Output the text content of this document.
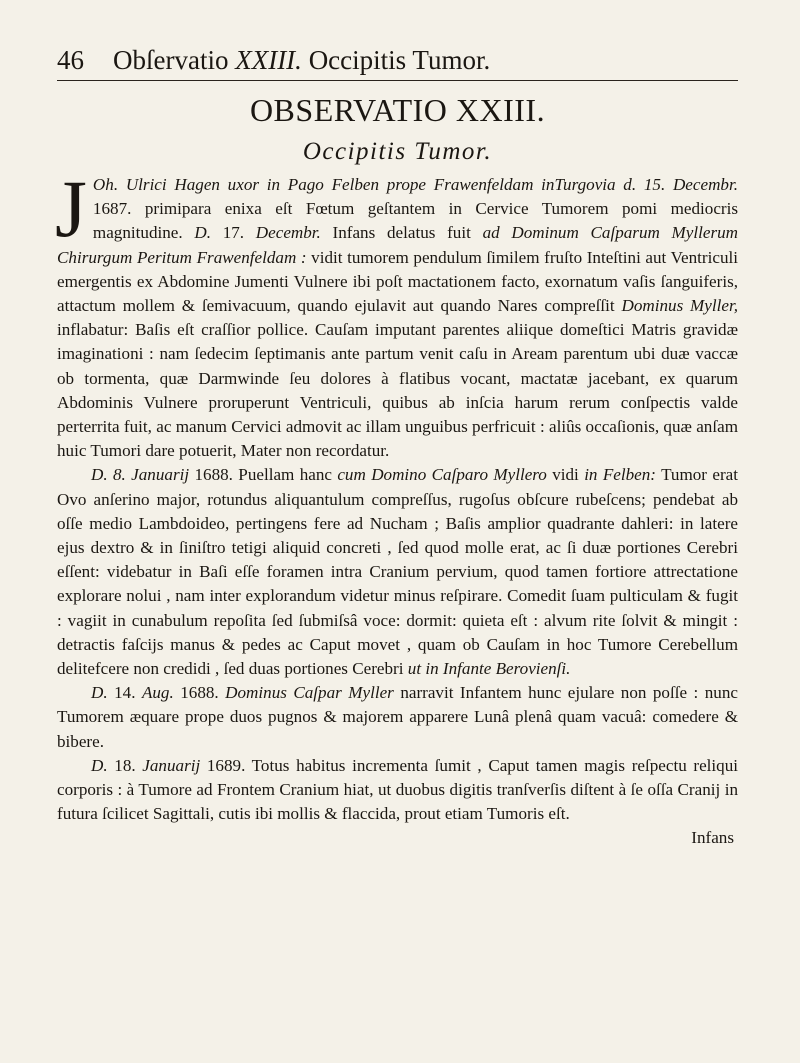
46	Obſervatio XXIII. Occipitis Tumor.
OBSERVATIO XXIII.
Occipitis Tumor.

J Oh. Ulrici Hagen uxor in Pago Felben prope Frawenfeldam inTurgovia d. 15. Decembr. 1687. primipara enixa eſt Fœtum geſtantem in Cervice Tumorem pomi mediocris magnitudine. D. 17. Decembr. Infans delatus fuit ad Dominum Caſparum Myllerum Chirurgum Peritum Frawenfeldam : vidit tumorem pendulum ſimilem fruſto Inteſtini aut Ventriculi emergentis ex Abdomine Jumenti Vulnere ibi poſt mactationem facto, exornatum vaſis ſanguiferis, attactum mollem & ſemivacuum, quando ejulavit aut quando Nares compreſſit Dominus Myller, inflabatur: Baſis eſt craſſior pollice. Cauſam imputant parentes aliique domeſtici Matris gravidæ imaginationi : nam ſedecim ſeptimanis ante partum venit caſu in Aream parentum ubi duæ vaccæ ob tormenta, quæ Darmwinde ſeu dolores à flatibus vocant, mactatæ jacebant, ex quarum Abdominis Vulnere proruperunt Ventriculi, quibus ab inſcia harum rerum conſpectis valde perterrita fuit, ac manum Cervici admovit ac illam unguibus perfricuit : aliûs occaſionis, quæ anſam huic Tumori dare potuerit, Mater non recordatur.

D. 8. Januarij 1688. Puellam hanc cum Domino Caſparo Myllero vidi in Felben: Tumor erat Ovo anſerino major, rotundus aliquantulum compreſſus, rugoſus obſcure rubeſcens; pendebat ab oſſe medio Lambdoideo, pertingens fere ad Nucham ; Baſis amplior quadrante dahleri: in latere ejus dextro & in ſiniſtro tetigi aliquid concreti , ſed quod molle erat, ac ſi duæ portiones Cerebri eſſent: videbatur in Baſi eſſe foramen intra Cranium pervium, quod tamen fortiore attrectatione explorare nolui , nam inter explorandum videtur minus reſpirare. Comedit ſuam pulticulam & fugit : vagiit in cunabulum repoſita ſed ſubmiſsâ voce: dormit: quieta eſt : alvum rite ſolvit & mingit : detractis faſcijs manus & pedes ac Caput movet , quam ob Cauſam in hoc Tumore Cerebellum delitefcere non credidi , ſed duas portiones Cerebri ut in Infante Berovienſi.

D. 14. Aug. 1688. Dominus Caſpar Myller narravit Infantem hunc ejulare non poſſe : nunc Tumorem æquare prope duos pugnos & majorem apparere Lunâ plenâ quam vacuâ: comedere & bibere.

D. 18. Januarij 1689. Totus habitus incrementa ſumit , Caput tamen magis reſpectu reliqui corporis : à Tumore ad Frontem Cranium hiat, ut duobus digitis tranſverſis diſtent à ſe oſſa Cranij in futura ſcilicet Sagittali, cutis ibi mollis & flaccida, prout etiam Tumoris eſt.

Infans
